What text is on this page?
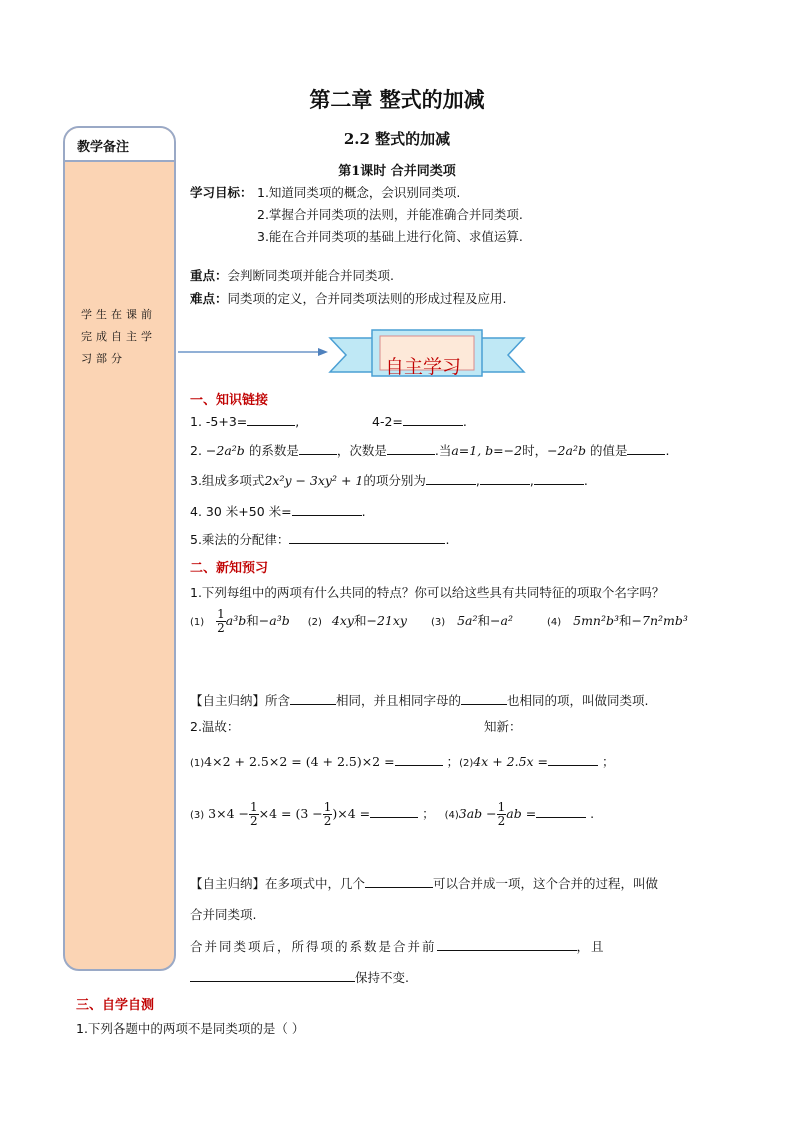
第二章 整式的加减
2.2 整式的加减
第1课时 合并同类项
教学备注
学生在课前完成自主学习部分	自主学习
学习目标： 1.知道同类项的概念，会识别同类项.
2.掌握合并同类项的法则，并能准确合并同类项.
3.能在合并同类项的基础上进行化简、求值运算.
重点：会判断同类项并能合并同类项.
难点：同类项的定义，合并同类项法则的形成过程及应用.
一、知识链接
1. -5+3=	,	4-2=	.
2. −2a²b 的系数是	，次数是	.当a=1, b=−2时，−2a²b 的值是	.
3.组成多项式2x²y − 3xy² + 1的项分别为	,	,	.
4. 30 米+50 米=	.
5.乘法的分配律：	.
二、新知预习
1.下列每组中的两项有什么共同的特点？你可以给这些具有共同特征的项取个名字吗？
$(1) \frac{1}{2} a^3b$和−a³b (2) 4xy和−21xy (3) 5a²和−a²	(4) 5mn²b³和−7n²mb³
【自主归纳】所含	相同，并且相同字母的	也相同的项，叫做同类项.
2.温故：	知新：
(1)4×2 + 2.5×2 = (4 + 2.5)×2 =	；(2)4x + 2.5x =	；
(3) $3\times 4 - \frac{1}{2} \times 4 = (3 - \frac{1}{2} )\times 4$ =	； $(4)3ab - \frac{1}{2}$ ab =	.
【自主归纳】在多项式中，几个	可以合并成一项，这个合并的过程，叫做
合并同类项.
合并同类项后，所得项的系数是合并前	，且
保持不变.
三、自学自测
1.下列各题中的两项不是同类项的是（ ）
